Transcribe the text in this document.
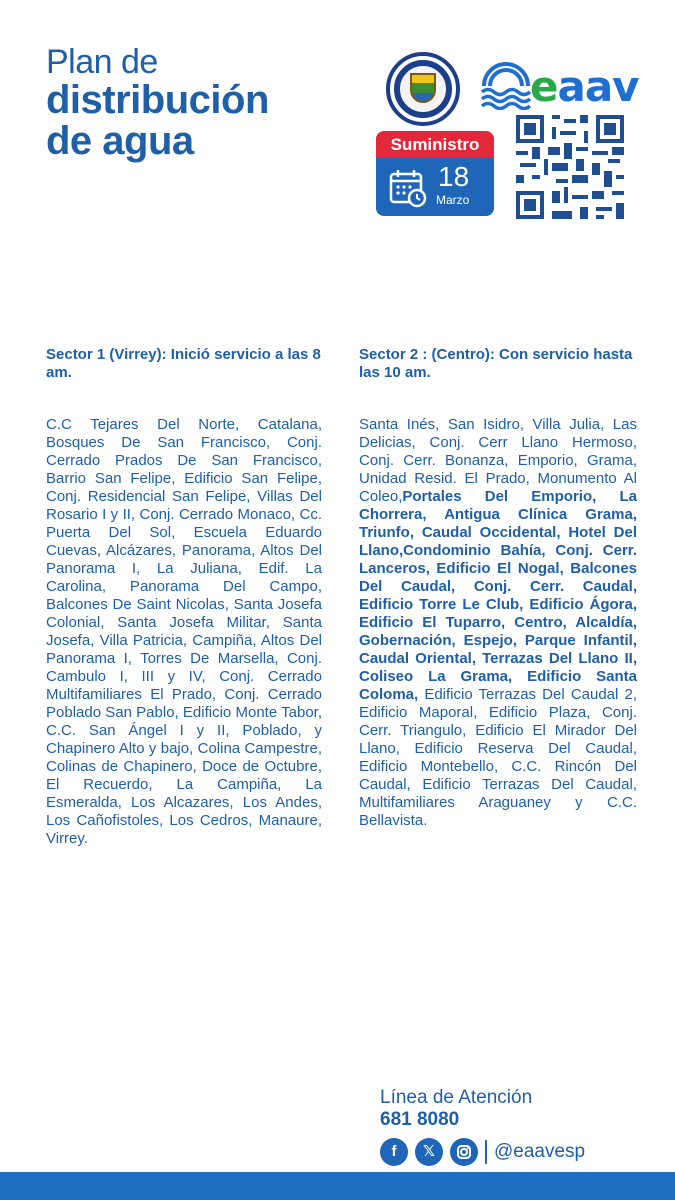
Plan de
distribución
de agua
eaav
Suministro
18
Marzo
Sector 1 (Virrey): Inició servicio a las 8 am.

C.C Tejares Del Norte, Catalana, Bosques De San Francisco, Conj. Cerrado Prados De San Francisco, Barrio San Felipe, Edificio San Felipe, Conj. Residencial San Felipe, Villas Del Rosario I y II, Conj. Cerrado Monaco, Cc. Puerta Del Sol, Escuela Eduardo Cuevas, Alcázares, Panorama, Altos Del Panorama I, La Juliana, Edif. La Carolina, Panorama Del Campo, Balcones De Saint Nicolas, Santa Josefa Colonial, Santa Josefa Militar, Santa Josefa, Villa Patricia, Campiña, Altos Del Panorama I, Torres De Marsella, Conj. Cambulo I, III y IV, Conj. Cerrado Multifamiliares El Prado, Conj. Cerrado Poblado San Pablo, Edificio Monte Tabor, C.C. San Ángel I y II, Poblado, y Chapinero Alto y bajo, Colina Campestre, Colinas de Chapinero, Doce de Octubre, El Recuerdo, La Campiña, La Esmeralda, Los Alcazares, Los Andes, Los Cañofistoles, Los Cedros, Manaure, Virrey.

Sector 2 : (Centro): Con servicio hasta las 10 am.

Santa Inés, San Isidro, Villa Julia, Las Delicias, Conj. Cerr Llano Hermoso, Conj. Cerr. Bonanza, Emporio, Grama, Unidad Resid. El Prado, Monumento Al Coleo,Portales Del Emporio, La Chorrera, Antigua Clínica Grama, Triunfo, Caudal Occidental, Hotel Del Llano,Condominio Bahía, Conj. Cerr. Lanceros, Edificio El Nogal, Balcones Del Caudal, Conj. Cerr. Caudal, Edificio Torre Le Club, Edificio Ágora, Edificio El Tuparro, Centro, Alcaldía, Gobernación, Espejo, Parque Infantil, Caudal Oriental, Terrazas Del Llano II, Coliseo La Grama, Edificio Santa Coloma, Edificio Terrazas Del Caudal 2, Edificio Maporal, Edificio Plaza, Conj. Cerr. Triangulo, Edificio El Mirador Del Llano, Edificio Reserva Del Caudal, Edificio Montebello, C.C. Rincón Del Caudal, Edificio Terrazas Del Caudal, Multifamiliares Araguaney y C.C. Bellavista.

Línea de Atención
681 8080
f	𝕏	@eaavesp
